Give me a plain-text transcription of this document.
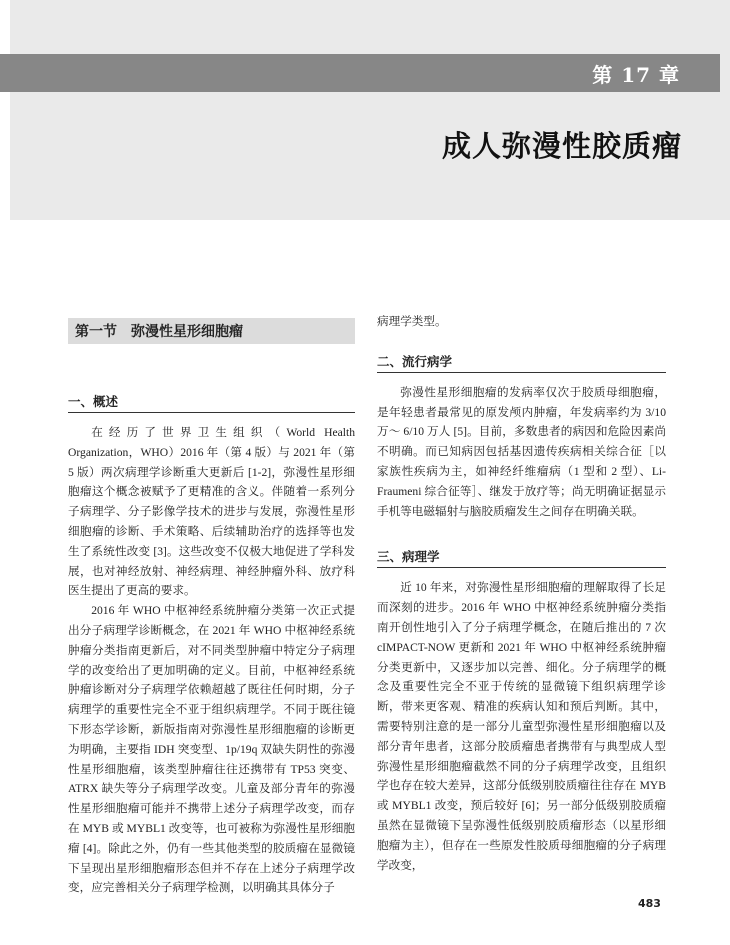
第 17 章
成人弥漫性胶质瘤
第一节　弥漫性星形细胞瘤
一、概述

在经历了世界卫生组织（World Health Organization，WHO）2016 年（第 4 版）与 2021 年（第 5 版）两次病理学诊断重大更新后 [1-2]，弥漫性星形细胞瘤这个概念被赋予了更精准的含义。伴随着一系列分子病理学、分子影像学技术的进步与发展，弥漫性星形细胞瘤的诊断、手术策略、后续辅助治疗的选择等也发生了系统性改变 [3]。这些改变不仅极大地促进了学科发展，也对神经放射、神经病理、神经肿瘤外科、放疗科医生提出了更高的要求。

2016 年 WHO 中枢神经系统肿瘤分类第一次正式提出分子病理学诊断概念，在 2021 年 WHO 中枢神经系统肿瘤分类指南更新后，对不同类型肿瘤中特定分子病理学的改变给出了更加明确的定义。目前，中枢神经系统肿瘤诊断对分子病理学依赖超越了既往任何时期，分子病理学的重要性完全不亚于组织病理学。不同于既往镜下形态学诊断，新版指南对弥漫性星形细胞瘤的诊断更为明确，主要指 IDH 突变型、1p/19q 双缺失阴性的弥漫性星形细胞瘤，该类型肿瘤往往还携带有 TP53 突变、ATRX 缺失等分子病理学改变。儿童及部分青年的弥漫性星形细胞瘤可能并不携带上述分子病理学改变，而存在 MYB 或 MYBL1 改变等，也可被称为弥漫性星形细胞瘤 [4]。除此之外，仍有一些其他类型的胶质瘤在显微镜下呈现出星形细胞瘤形态但并不存在上述分子病理学改变，应完善相关分子病理学检测，以明确其具体分子

病理学类型。

二、流行病学

弥漫性星形细胞瘤的发病率仅次于胶质母细胞瘤，是年轻患者最常见的原发颅内肿瘤，年发病率约为 3/10 万～ 6/10 万人 [5]。目前，多数患者的病因和危险因素尚不明确。而已知病因包括基因遗传疾病相关综合征［以家族性疾病为主，如神经纤维瘤病（1 型和 2 型）、Li-Fraumeni 综合征等］、继发于放疗等；尚无明确证据显示手机等电磁辐射与脑胶质瘤发生之间存在明确关联。

三、病理学

近 10 年来，对弥漫性星形细胞瘤的理解取得了长足而深刻的进步。2016 年 WHO 中枢神经系统肿瘤分类指南开创性地引入了分子病理学概念，在随后推出的 7 次 cIMPACT-NOW 更新和 2021 年 WHO 中枢神经系统肿瘤分类更新中，又逐步加以完善、细化。分子病理学的概念及重要性完全不亚于传统的显微镜下组织病理学诊断，带来更客观、精准的疾病认知和预后判断。其中，需要特别注意的是一部分儿童型弥漫性星形细胞瘤以及部分青年患者，这部分胶质瘤患者携带有与典型成人型弥漫性星形细胞瘤截然不同的分子病理学改变，且组织学也存在较大差异，这部分低级别胶质瘤往往存在 MYB 或 MYBL1 改变，预后较好 [6]；另一部分低级别胶质瘤虽然在显微镜下呈弥漫性低级别胶质瘤形态（以星形细胞瘤为主），但存在一些原发性胶质母细胞瘤的分子病理学改变，

483
